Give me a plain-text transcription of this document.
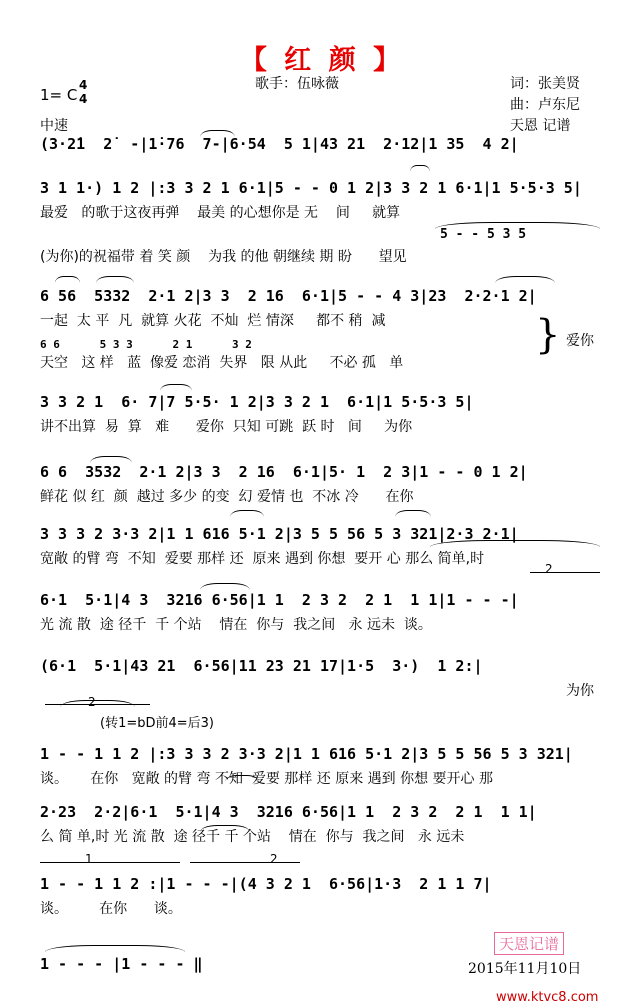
【 红 颜 】
1= C
4
4
歌手：伍咏薇	词：张美贤
曲：卢东尼
中速	天恩 记谱
(3·2̇1  2̇  -|1̇·76  7-|6·54  5 1|43 21  2·12|1 35  4 2|
3 1 1·) 1 2 |:3 3 2 1 6·1|5 - - 0 1 2|3 3 2 1 6·1|1 5·5·3 5|
最爱   的歌于这夜再弹    最美 的心想你是 无    间     就算
5 - - 5 3 5
(为你)的祝福带 着 笑 颜    为我 的他 朝继续 期 盼      望见
6 56  5332  2·1 2|3 3  2 16  6·1|5 - - 4 3|23  2·2·1 2|
一起  太 平  凡  就算 火花  不灿  烂 情深     都不 稍  减
6 6      5 3 3      2 1      3 2
天空   这 样   蓝  像爱 恋消  失界   限 从此     不必 孤   单
} 爱你
3 3 2 1  6· 7|7 5·5· 1 2|3 3 2 1  6·1|1 5·5·3 5|
讲不出算  易  算   难      爱你  只知 可跳  跃 时   间     为你
6 6  3532  2·1 2|3 3  2 16  6·1|5· 1  2 3|1 - - 0 1 2|
鲜花 似 红  颜  越过 多少 的变  幻 爱情 也  不冰 冷      在你
3 3 3 2 3·3 2|1 1 616 5·1 2|3 5 5 56 5 3 321|2·3 2·1|
宽敞 的臂 弯  不知  爱要 那样 还  原来 遇到 你想  要开 心 那么 简单,时
2
6·1  5·1|4 3  3216 6·56|1 1  2 3 2  2 1  1 1|1 - - -|
光 流 散  途 径千  千 个站    情在  你与  我之间   永 远未  谈。
(6·1  5·1|43 21  6·56|11 23 21 17|1·5  3·)  1 2:|
为你
2
(转1=bD前4=后3)
1 - - 1 1 2 |:3 3 3 2 3·3 2|1 1 616 5·1 2|3 5 5 56 5 3 321|
谈。     在你   宽敞 的臂 弯 不知  爱要 那样 还 原来 遇到 你想 要开心 那
2·23  2·2|6·1  5·1|4 3  3216 6·56|1 1  2 3 2  2 1  1 1|
么 简 单,时 光 流 散  途 径千 千 个站    情在  你与  我之间   永 远未
1	2
1 - - 1 1 2 :|1 - - -|(4 3 2 1  6·56|1·3  2 1 1 7|
谈。       在你      谈。
1 - - - |1 - - - ‖
天恩记谱
2015年11月10日
www.ktvc8.com
